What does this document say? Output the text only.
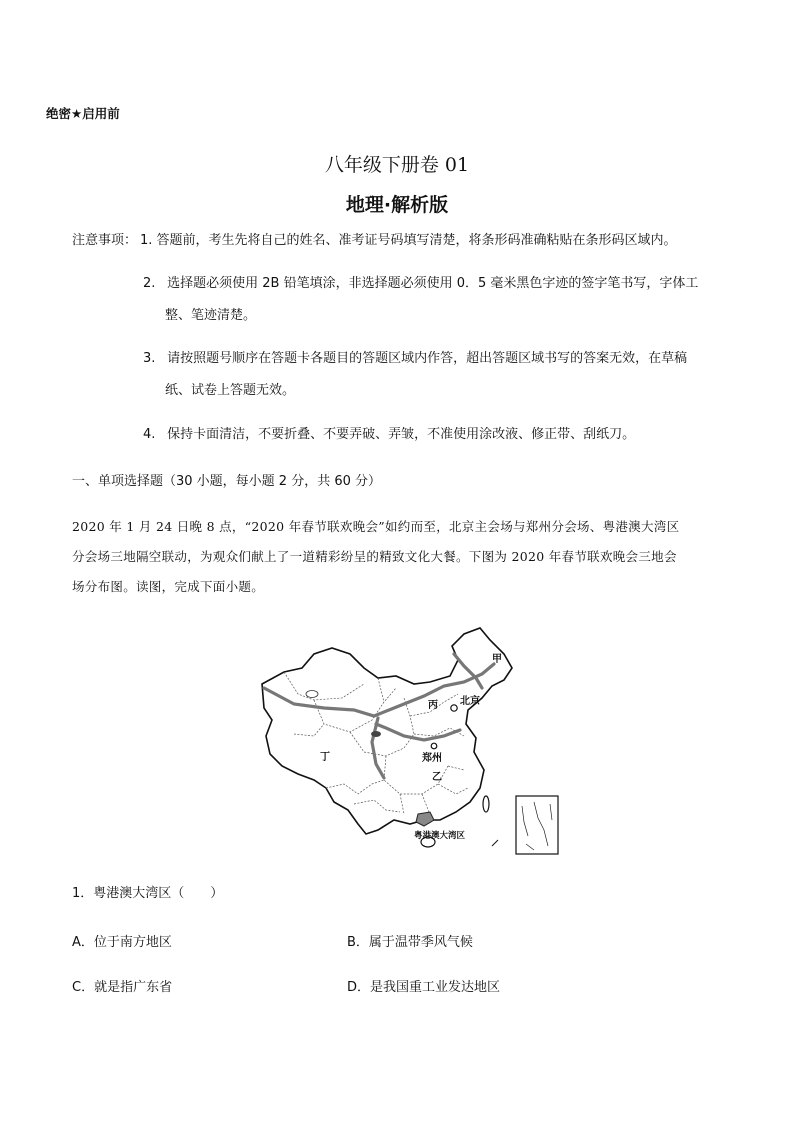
绝密★启用前
八年级下册卷 01
地理·解析版
注意事项： 1. 答题前，考生先将自己的姓名、准考证号码填写清楚，将条形码准确粘贴在条形码区域内。
2. 选择题必须使用 2B 铅笔填涂，非选择题必须使用 0．5 毫米黑色字迹的签字笔书写，字体工
整、笔迹清楚。
3. 请按照题号顺序在答题卡各题目的答题区域内作答，超出答题区域书写的答案无效，在草稿
纸、试卷上答题无效。
4. 保持卡面清洁，不要折叠、不要弄破、弄皱，不准使用涂改液、修正带、刮纸刀。
一、单项选择题（30 小题，每小题 2 分，共 60 分）
2020 年 1 月 24 日晚 8 点，“2020 年春节联欢晚会”如约而至，北京主会场与郑州分会场、粤港澳大湾区
分会场三地隔空联动，为观众们献上了一道精彩纷呈的精致文化大餐。下图为 2020 年春节联欢晚会三地会
场分布图。读图，完成下面小题。
甲
丙 北京
丁	郑州
乙
粤港澳大湾区
1．粤港澳大湾区（　　）
A．位于南方地区	B．属于温带季风气候
C．就是指广东省	D．是我国重工业发达地区
